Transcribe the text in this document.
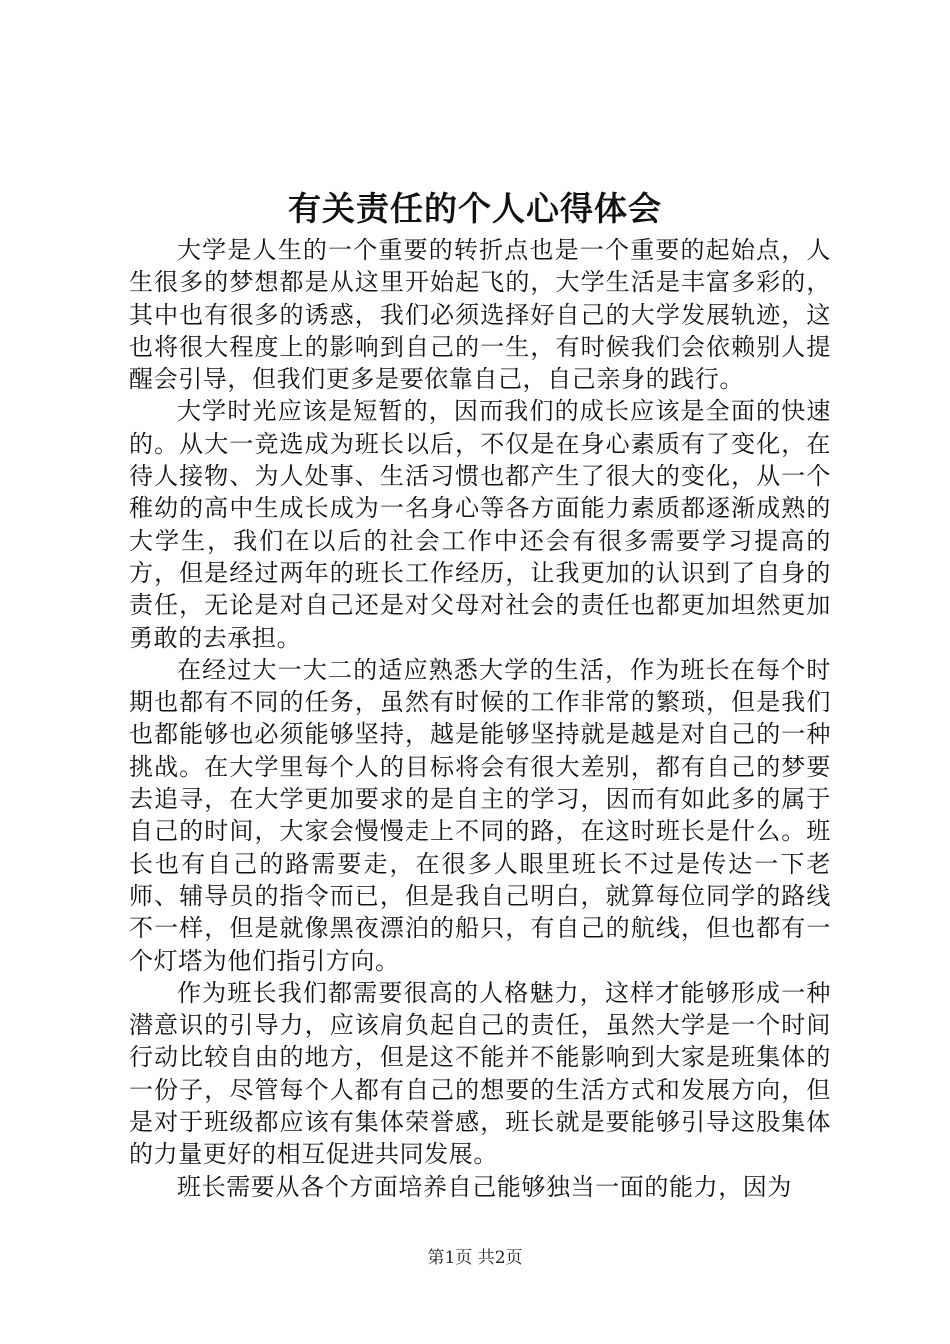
有关责任的个人心得体会

大学是人生的一个重要的转折点也是一个重要的起始点，人生很多的梦想都是从这里开始起飞的，大学生活是丰富多彩的，其中也有很多的诱惑，我们必须选择好自己的大学发展轨迹，这也将很大程度上的影响到自己的一生，有时候我们会依赖别人提醒会引导，但我们更多是要依靠自己，自己亲身的践行。

大学时光应该是短暂的，因而我们的成长应该是全面的快速的。从大一竞选成为班长以后，不仅是在身心素质有了变化，在待人接物、为人处事、生活习惯也都产生了很大的变化，从一个稚幼的高中生成长成为一名身心等各方面能力素质都逐渐成熟的大学生，我们在以后的社会工作中还会有很多需要学习提高的方，但是经过两年的班长工作经历，让我更加的认识到了自身的责任，无论是对自己还是对父母对社会的责任也都更加坦然更加勇敢的去承担。

在经过大一大二的适应熟悉大学的生活，作为班长在每个时期也都有不同的任务，虽然有时候的工作非常的繁琐，但是我们也都能够也必须能够坚持，越是能够坚持就是越是对自己的一种挑战。在大学里每个人的目标将会有很大差别，都有自己的梦要去追寻，在大学更加要求的是自主的学习，因而有如此多的属于自己的时间，大家会慢慢走上不同的路，在这时班长是什么。班长也有自己的路需要走，在很多人眼里班长不过是传达一下老师、辅导员的指令而已，但是我自己明白，就算每位同学的路线不一样，但是就像黑夜漂泊的船只，有自己的航线，但也都有一个灯塔为他们指引方向。

作为班长我们都需要很高的人格魅力，这样才能够形成一种潜意识的引导力，应该肩负起自己的责任，虽然大学是一个时间行动比较自由的地方，但是这不能并不能影响到大家是班集体的一份子，尽管每个人都有自己的想要的生活方式和发展方向，但是对于班级都应该有集体荣誉感，班长就是要能够引导这股集体的力量更好的相互促进共同发展。

班长需要从各个方面培养自己能够独当一面的能力，因为

第1页 共2页
